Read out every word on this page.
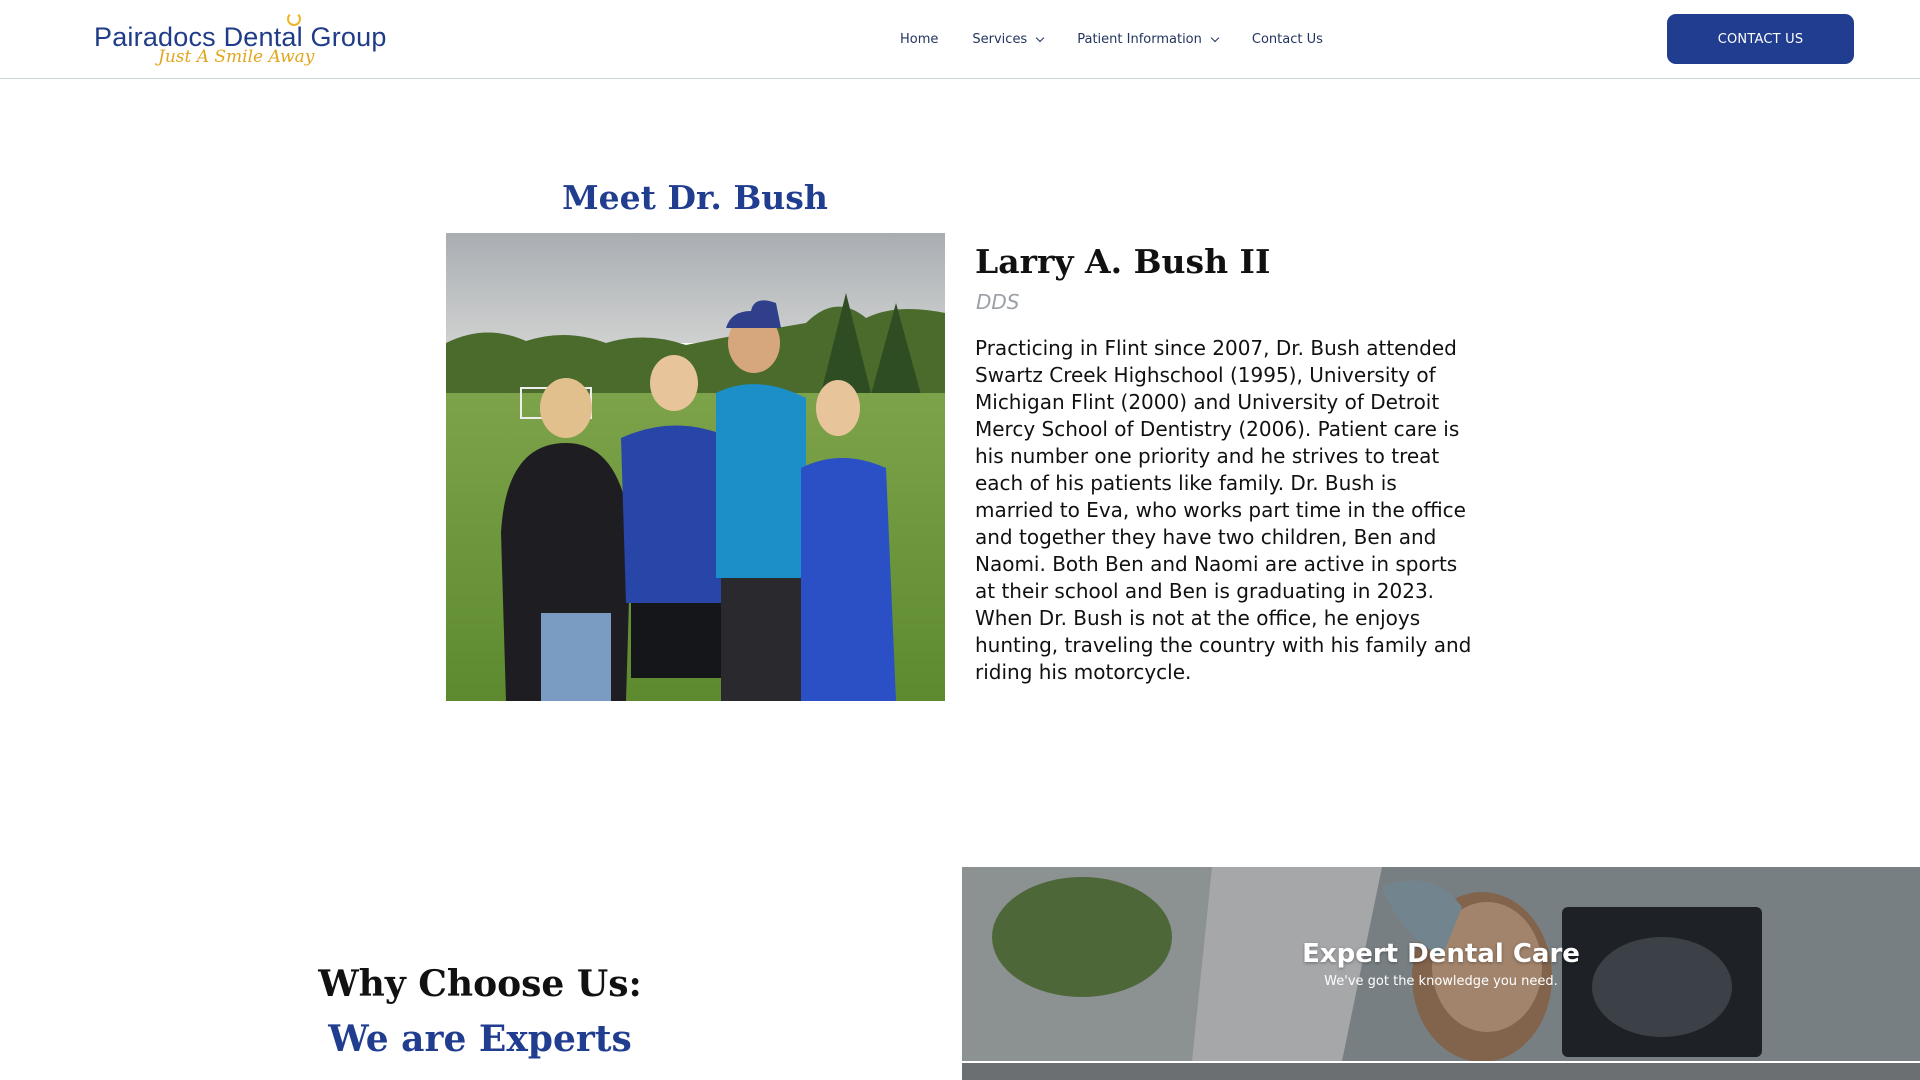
Pairadocs Dental Group
Just A Smile Away
Home	Services	Patient Information	Contact Us	CONTACT US
Meet Dr. Bush
Larry A. Bush II
DDS

Practicing in Flint since 2007, Dr. Bush attended Swartz Creek Highschool (1995), University of Michigan Flint (2000) and University of Detroit Mercy School of Dentistry (2006). Patient care is his number one priority and he strives to treat each of his patients like family. Dr. Bush is married to Eva, who works part time in the office and together they have two children, Ben and Naomi. Both Ben and Naomi are active in sports at their school and Ben is graduating in 2023. When Dr. Bush is not at the office, he enjoys hunting, traveling the country with his family and riding his motorcycle.

Why Choose Us:
We are Experts
Expert Dental Care
We've got the knowledge you need.
